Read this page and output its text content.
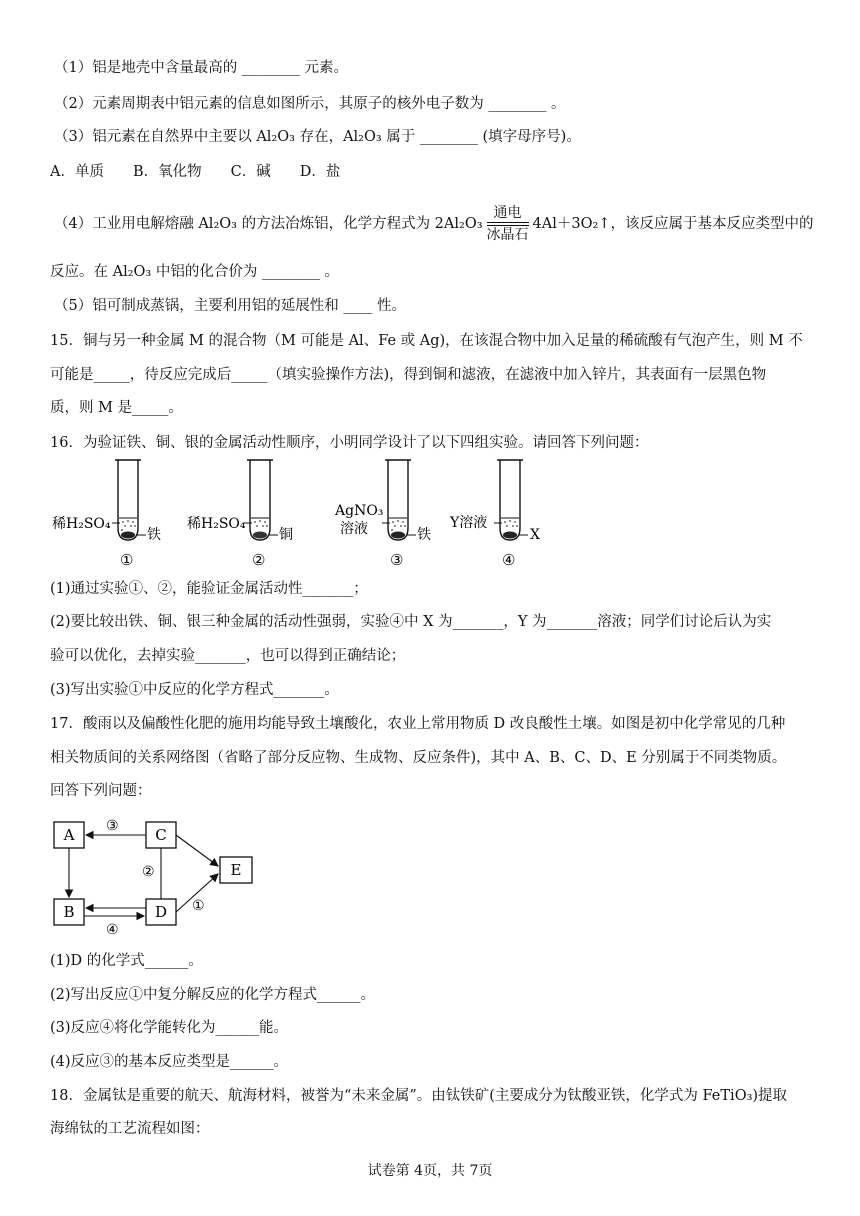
（1）铝是地壳中含量最高的 ________ 元素。
（2）元素周期表中铝元素的信息如图所示，其原子的核外电子数为 ________ 。
（3）铝元素在自然界中主要以 Al₂O₃ 存在，Al₂O₃ 属于 ________ (填字母序号)。
A．单质　　B．氧化物　　C．碱　　D．盐
（4）工业用电解熔融 Al₂O₃ 的方法冶炼铝，化学方程式为 $2Al_2O_3 \frac{\text{通电}}{\text{冰晶石}}$ 4Al＋3O₂↑，该反应属于基本反应类型中的
反应。在 Al₂O₃ 中铝的化合价为 ________ 。
（5）铝可制成蒸锅，主要利用铝的延展性和 ____ 性。
15．铜与另一种金属 M 的混合物（M 可能是 Al、Fe 或 Ag)，在该混合物中加入足量的稀硫酸有气泡产生，则 M 不
可能是_____，待反应完成后_____（填实验操作方法)，得到铜和滤液，在滤液中加入锌片，其表面有一层黑色物
质，则 M 是_____。
16．为验证铁、铜、银的金属活动性顺序，小明同学设计了以下四组实验。请回答下列问题：
稀H₂SO₄
铁
①
稀H₂SO₄
铜
②
AgNO₃
溶液	铁
③
Y溶液
X
④
(1)通过实验①、②，能验证金属活动性_______；
(2)要比较出铁、铜、银三种金属的活动性强弱，实验④中 X 为_______，Y 为_______溶液；同学们讨论后认为实
验可以优化，去掉实验_______，也可以得到正确结论；
(3)写出实验①中反应的化学方程式_______。
17．酸雨以及偏酸性化肥的施用均能导致土壤酸化，农业上常用物质 D 改良酸性土壤。如图是初中化学常见的几种
相关物质间的关系网络图（省略了部分反应物、生成物、反应条件)，其中 A、B、C、D、E 分别属于不同类物质。
回答下列问题：
A
B
C
D
E
③
②
④
①
(1)D 的化学式______。
(2)写出反应①中复分解反应的化学方程式______。
(3)反应④将化学能转化为______能。
(4)反应③的基本反应类型是______。
18．金属钛是重要的航天、航海材料，被誉为“未来金属”。由钛铁矿(主要成分为钛酸亚铁，化学式为 FeTiO₃)提取
海绵钛的工艺流程如图：
试卷第 4页，共 7页
